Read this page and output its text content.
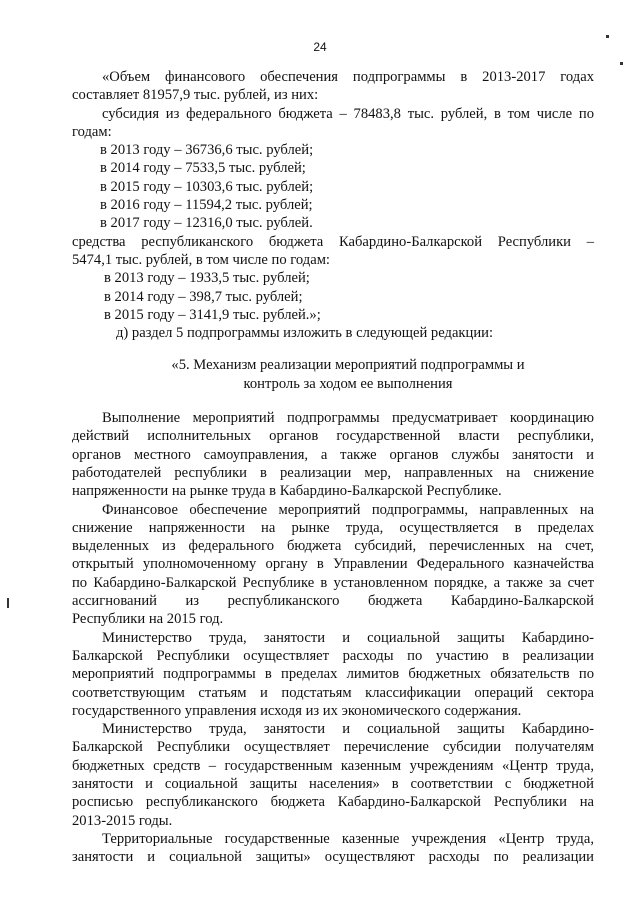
24
«Объем финансового обеспечения подпрограммы в 2013-2017 годах
составляет 81957,9 тыс. рублей, из них:
субсидия из федерального бюджета – 78483,8 тыс. рублей, в том числе по
годам:
в 2013 году – 36736,6 тыс. рублей;
в 2014 году – 7533,5 тыс. рублей;
в 2015 году – 10303,6 тыс. рублей;
в 2016 году – 11594,2 тыс. рублей;
в 2017 году – 12316,0 тыс. рублей.
средства республиканского бюджета Кабардино-Балкарской Республики –
5474,1 тыс. рублей, в том числе по годам:
в 2013 году – 1933,5 тыс. рублей;
в 2014 году – 398,7 тыс. рублей;
в 2015 году – 3141,9 тыс. рублей.»;
д) раздел 5 подпрограммы изложить в следующей редакции:
«5. Механизм реализации мероприятий подпрограммы и
контроль за ходом ее выполнения
Выполнение мероприятий подпрограммы предусматривает координацию
действий исполнительных органов государственной власти республики,
органов местного самоуправления, а также органов службы занятости и
работодателей республики в реализации мер, направленных на снижение
напряженности на рынке труда в Кабардино-Балкарской Республике.
Финансовое обеспечение мероприятий подпрограммы, направленных на
снижение напряженности на рынке труда, осуществляется в пределах
выделенных из федерального бюджета субсидий, перечисленных на счет,
открытый уполномоченному органу в Управлении Федерального казначейства
по Кабардино-Балкарской Республике в установленном порядке, а также за счет
ассигнований из республиканского бюджета Кабардино-Балкарской
Республики на 2015 год.
Министерство труда, занятости и социальной защиты Кабардино-
Балкарской Республики осуществляет расходы по участию в реализации
мероприятий подпрограммы в пределах лимитов бюджетных обязательств по
соответствующим статьям и подстатьям классификации операций сектора
государственного управления исходя из их экономического содержания.
Министерство труда, занятости и социальной защиты Кабардино-
Балкарской Республики осуществляет перечисление субсидии получателям
бюджетных средств – государственным казенным учреждениям «Центр труда,
занятости и социальной защиты населения» в соответствии с бюджетной
росписью республиканского бюджета Кабардино-Балкарской Республики на
2013-2015 годы.
Территориальные государственные казенные учреждения «Центр труда,
занятости и социальной защиты» осуществляют расходы по реализации
